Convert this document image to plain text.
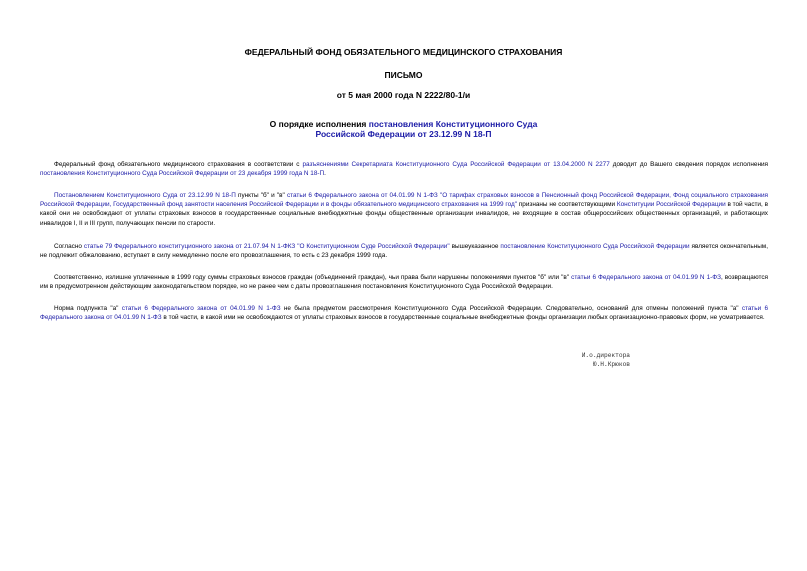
ФЕДЕРАЛЬНЫЙ ФОНД ОБЯЗАТЕЛЬНОГО МЕДИЦИНСКОГО СТРАХОВАНИЯ
ПИСЬМО
от 5 мая 2000 года N 2222/80-1/и
О порядке исполнения постановления Конституционного Суда
Российской Федерации от 23.12.99 N 18-П
Федеральный фонд обязательного медицинского страхования в соответствии с разъяснениями Секретариата Конституционного Суда Российской Федерации от 13.04.2000 N 2277 доводит до Вашего сведения порядок исполнения постановления Конституционного Суда Российской Федерации от 23 декабря 1999 года N 18-П.
Постановлением Конституционного Суда от 23.12.99 N 18-П пункты "б" и "в" статьи 6 Федерального закона от 04.01.99 N 1-ФЗ "О тарифах страховых взносов в Пенсионный фонд Российской Федерации, Фонд социального страхования Российской Федерации, Государственный фонд занятости населения Российской Федерации и в фонды обязательного медицинского страхования на 1999 год" признаны не соответствующими Конституции Российской Федерации в той части, в какой они не освобождают от уплаты страховых взносов в государственные социальные внебюджетные фонды общественные организации инвалидов, не входящие в состав общероссийских общественных организаций, и работающих инвалидов I, II и III групп, получающих пенсии по старости.
Согласно статье 79 Федерального конституционного закона от 21.07.94 N 1-ФКЗ "О Конституционном Суде Российской Федерации" вышеуказанное постановление Конституционного Суда Российской Федерации является окончательным, не подлежит обжалованию, вступает в силу немедленно после его провозглашения, то есть с 23 декабря 1999 года.
Соответственно, излишне уплаченные в 1999 году суммы страховых взносов граждан (объединений граждан), чьи права были нарушены положениями пунктов "б" или "в" статьи 6 Федерального закона от 04.01.99 N 1-ФЗ, возвращаются им в предусмотренном действующим законодательством порядке, но не ранее чем с даты провозглашения постановления Конституционного Суда Российской Федерации.
Норма подпункта "а" статьи 6 Федерального закона от 04.01.99 N 1-ФЗ не была предметом рассмотрения Конституционного Суда Российской Федерации. Следовательно, оснований для отмены положений пункта "а" статьи 6 Федерального закона от 04.01.99 N 1-ФЗ в той части, в какой ими не освобождаются от уплаты страховых взносов в государственные социальные внебюджетные фонды организации любых организационно-правовых форм, не усматривается.
И.о.директора
Ю.Н.Крюков
